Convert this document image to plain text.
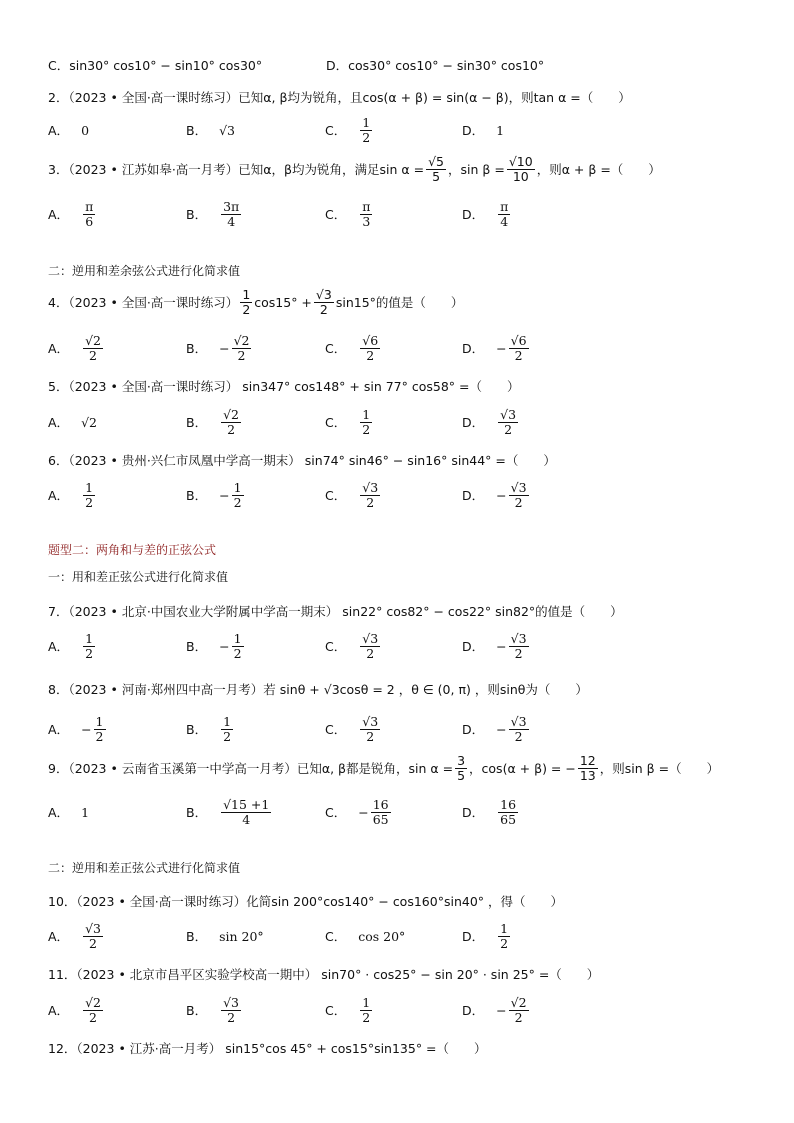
C．sin30° cos10° − sin10° cos30°	D．cos30° cos10° − sin30° cos10°
2．（2023 • 全国·高一课时练习）已知α, β均为锐角，且cos(α + β) = sin(α − β)，则tan α =（　　）
A． 0	B． √3	C． $\frac{1}{2}$	D． 1
3．（2023 • 江苏如皋·高一月考）已知α，β均为锐角，满足$\sin \alpha = \frac{√5}{5}$ ，$\sin \beta = \frac{√10}{10}$ ，则α + β =（　　）
A． $\frac{\pi}{6}$	B． $\frac{3\pi}{4}$	C． $\frac{\pi}{3}$	D． $\frac{\pi}{4}$
二：逆用和差余弦公式进行化简求值
4．（2023 • 全国·高一课时练习） $\frac{1}{2} \cos 15^\circ + \frac{√3}{2} \sin 15^\circ$的值是（　　）
A． $\frac{√2}{2}$	B． − $\frac{√2}{2}$	C． $\frac{√6}{2}$	D． − $\frac{√6}{2}$
5．（2023 • 全国·高一课时练习） sin347° cos148° + sin 77° cos58° =（　　）
A． √2	B． $\frac{√2}{2}$	C． $\frac{1}{2}$	D． $\frac{√3}{2}$
6．（2023 • 贵州·兴仁市凤凰中学高一期末） sin74° sin46° − sin16° sin44° =（　　）
A． $\frac{1}{2}$	B． − $\frac{1}{2}$	C． $\frac{√3}{2}$	D． − $\frac{√3}{2}$
题型二：两角和与差的正弦公式
一：用和差正弦公式进行化简求值
7．（2023 • 北京·中国农业大学附属中学高一期末） sin22° cos82° − cos22° sin82°的值是（　　）
A． $\frac{1}{2}$	B． − $\frac{1}{2}$	C． $\frac{√3}{2}$	D． − $\frac{√3}{2}$
8．（2023 • 河南·郑州四中高一月考）若 sinθ + √3cosθ = 2 ，θ ∈ (0, π) ，则sinθ为（　　）
A． − $\frac{1}{2}$	B． $\frac{1}{2}$	C． $\frac{√3}{2}$	D． − $\frac{√3}{2}$
9．（2023 • 云南省玉溪第一中学高一月考）已知α, β都是锐角，$\sin \alpha = \frac{3}{5}$ ，cos(α + β) = − $\frac{12}{13}$ ，则sin β =（　　）
A． 1	B． $\frac{√15 +1}{4}$	C． − $\frac{16}{65}$	D． $\frac{16}{65}$
二：逆用和差正弦公式进行化简求值
10．（2023 • 全国·高一课时练习）化简sin 200°cos140° − cos160°sin40° ，得（　　）
A． $\frac{√3}{2}$	B． sin 20°	C． cos 20°	D． $\frac{1}{2}$
11．（2023 • 北京市昌平区实验学校高一期中） sin70° · cos25° − sin 20° · sin 25° =（　　）
A． $\frac{√2}{2}$	B． $\frac{√3}{2}$	C． $\frac{1}{2}$	D． − $\frac{√2}{2}$
12．（2023 • 江苏·高一月考） sin15°cos 45° + cos15°sin135° =（　　）
